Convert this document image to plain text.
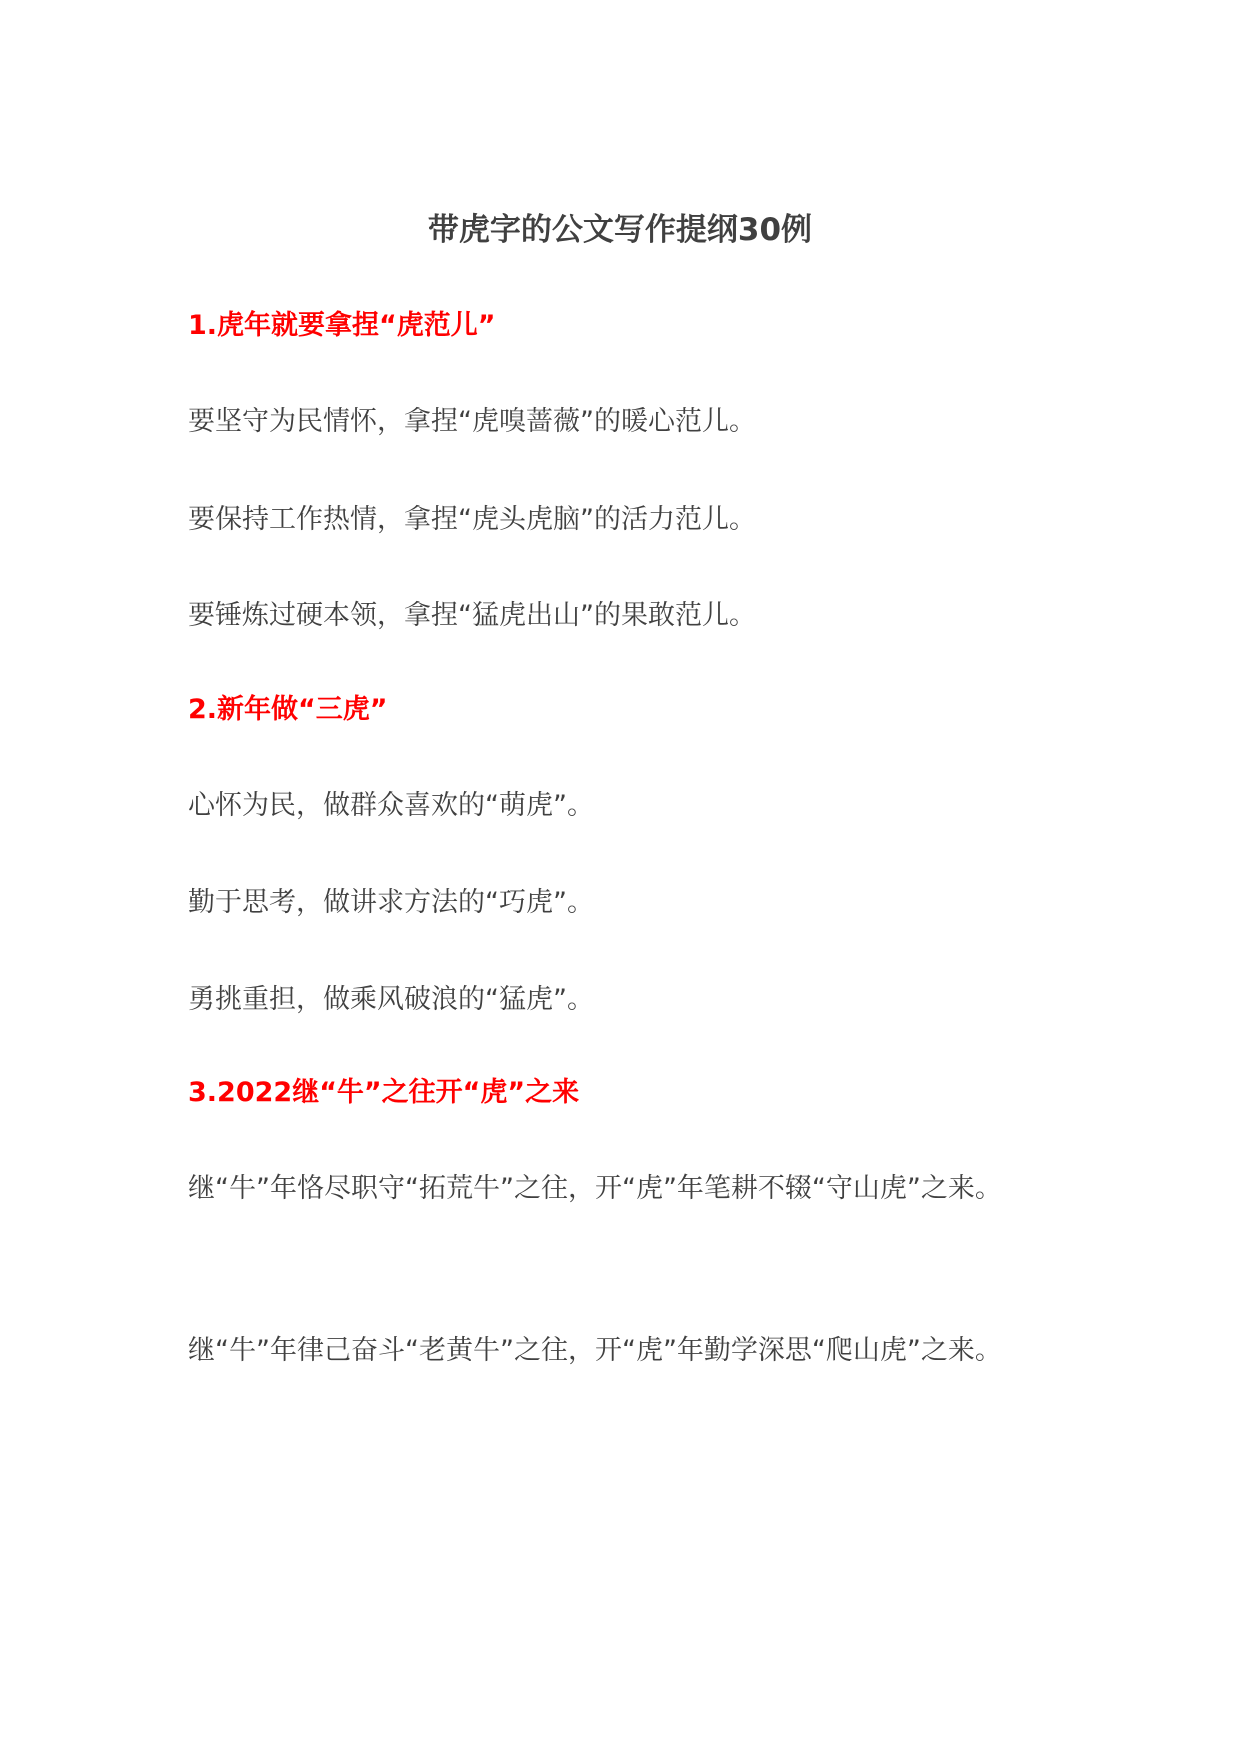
带虎字的公文写作提纲30例
1.虎年就要拿捏“虎范儿”

要坚守为民情怀，拿捏“虎嗅蔷薇”的暖心范儿。

要保持工作热情，拿捏“虎头虎脑”的活力范儿。

要锤炼过硬本领，拿捏“猛虎出山”的果敢范儿。

2.新年做“三虎”

心怀为民，做群众喜欢的“萌虎”。

勤于思考，做讲求方法的“巧虎”。

勇挑重担，做乘风破浪的“猛虎”。

3.2022继“牛”之往开“虎”之来

继“牛”年恪尽职守“拓荒牛”之往，开“虎”年笔耕不辍“守山虎”之来。

继“牛”年律己奋斗“老黄牛”之往，开“虎”年勤学深思“爬山虎”之来。
